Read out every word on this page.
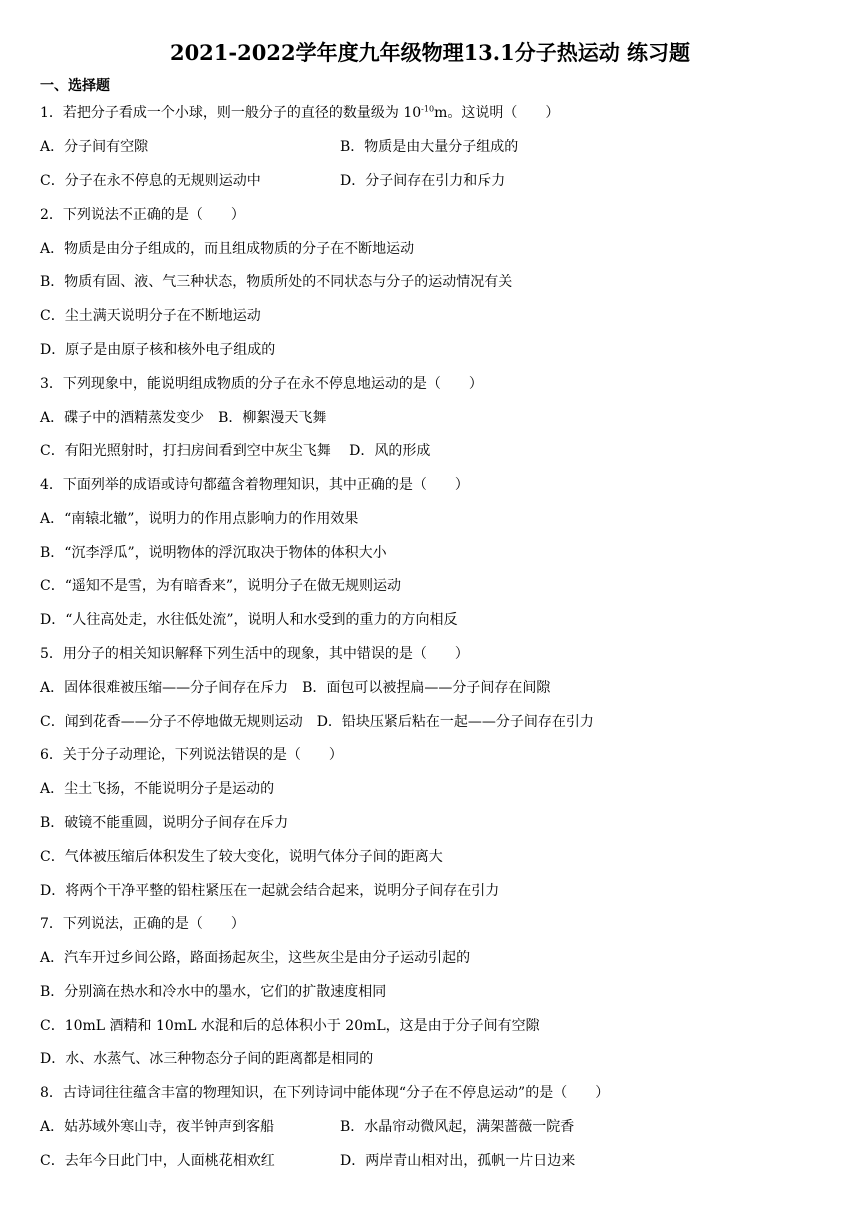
2021-2022学年度九年级物理13.1分子热运动 练习题
一、选择题
1．若把分子看成一个小球，则一般分子的直径的数量级为 $10^{-10}m$。这说明（　　）
A．分子间有空隙	B．物质是由大量分子组成的
C．分子在永不停息的无规则运动中	D．分子间存在引力和斥力
2．下列说法不正确的是（　　）
A．物质是由分子组成的，而且组成物质的分子在不断地运动
B．物质有固、液、气三种状态，物质所处的不同状态与分子的运动情况有关
C．尘土满天说明分子在不断地运动
D．原子是由原子核和核外电子组成的
3．下列现象中，能说明组成物质的分子在永不停息地运动的是（　　）
A．碟子中的酒精蒸发变少　B．柳絮漫天飞舞
C．有阳光照射时，打扫房间看到空中灰尘飞舞　 D．风的形成
4．下面列举的成语或诗句都蕴含着物理知识，其中正确的是（　　）
A．“南辕北辙”，说明力的作用点影响力的作用效果
B．“沉李浮瓜”，说明物体的浮沉取决于物体的体积大小
C．“遥知不是雪，为有暗香来”，说明分子在做无规则运动
D．“人往高处走，水往低处流”，说明人和水受到的重力的方向相反
5．用分子的相关知识解释下列生活中的现象，其中错误的是（　　）
A．固体很难被压缩——分子间存在斥力　B．面包可以被捏扁——分子间存在间隙
C．闻到花香——分子不停地做无规则运动　D．铅块压紧后粘在一起——分子间存在引力
6．关于分子动理论，下列说法错误的是（　　）
A．尘土飞扬，不能说明分子是运动的
B．破镜不能重圆，说明分子间存在斥力
C．气体被压缩后体积发生了较大变化，说明气体分子间的距离大
D．将两个干净平整的铅柱紧压在一起就会结合起来，说明分子间存在引力
7．下列说法，正确的是（　　）
A．汽车开过乡间公路，路面扬起灰尘，这些灰尘是由分子运动引起的
B．分别滴在热水和冷水中的墨水，它们的扩散速度相同
C．10mL 酒精和 10mL 水混和后的总体积小于 20mL，这是由于分子间有空隙
D．水、水蒸气、冰三种物态分子间的距离都是相同的
8．古诗词往往蕴含丰富的物理知识，在下列诗词中能体现“分子在不停息运动”的是（　　）
A．姑苏域外寒山寺，夜半钟声到客船	B．水晶帘动微风起，满架蔷薇一院香
C．去年今日此门中，人面桃花相欢红	D．两岸青山相对出，孤帆一片日边来
